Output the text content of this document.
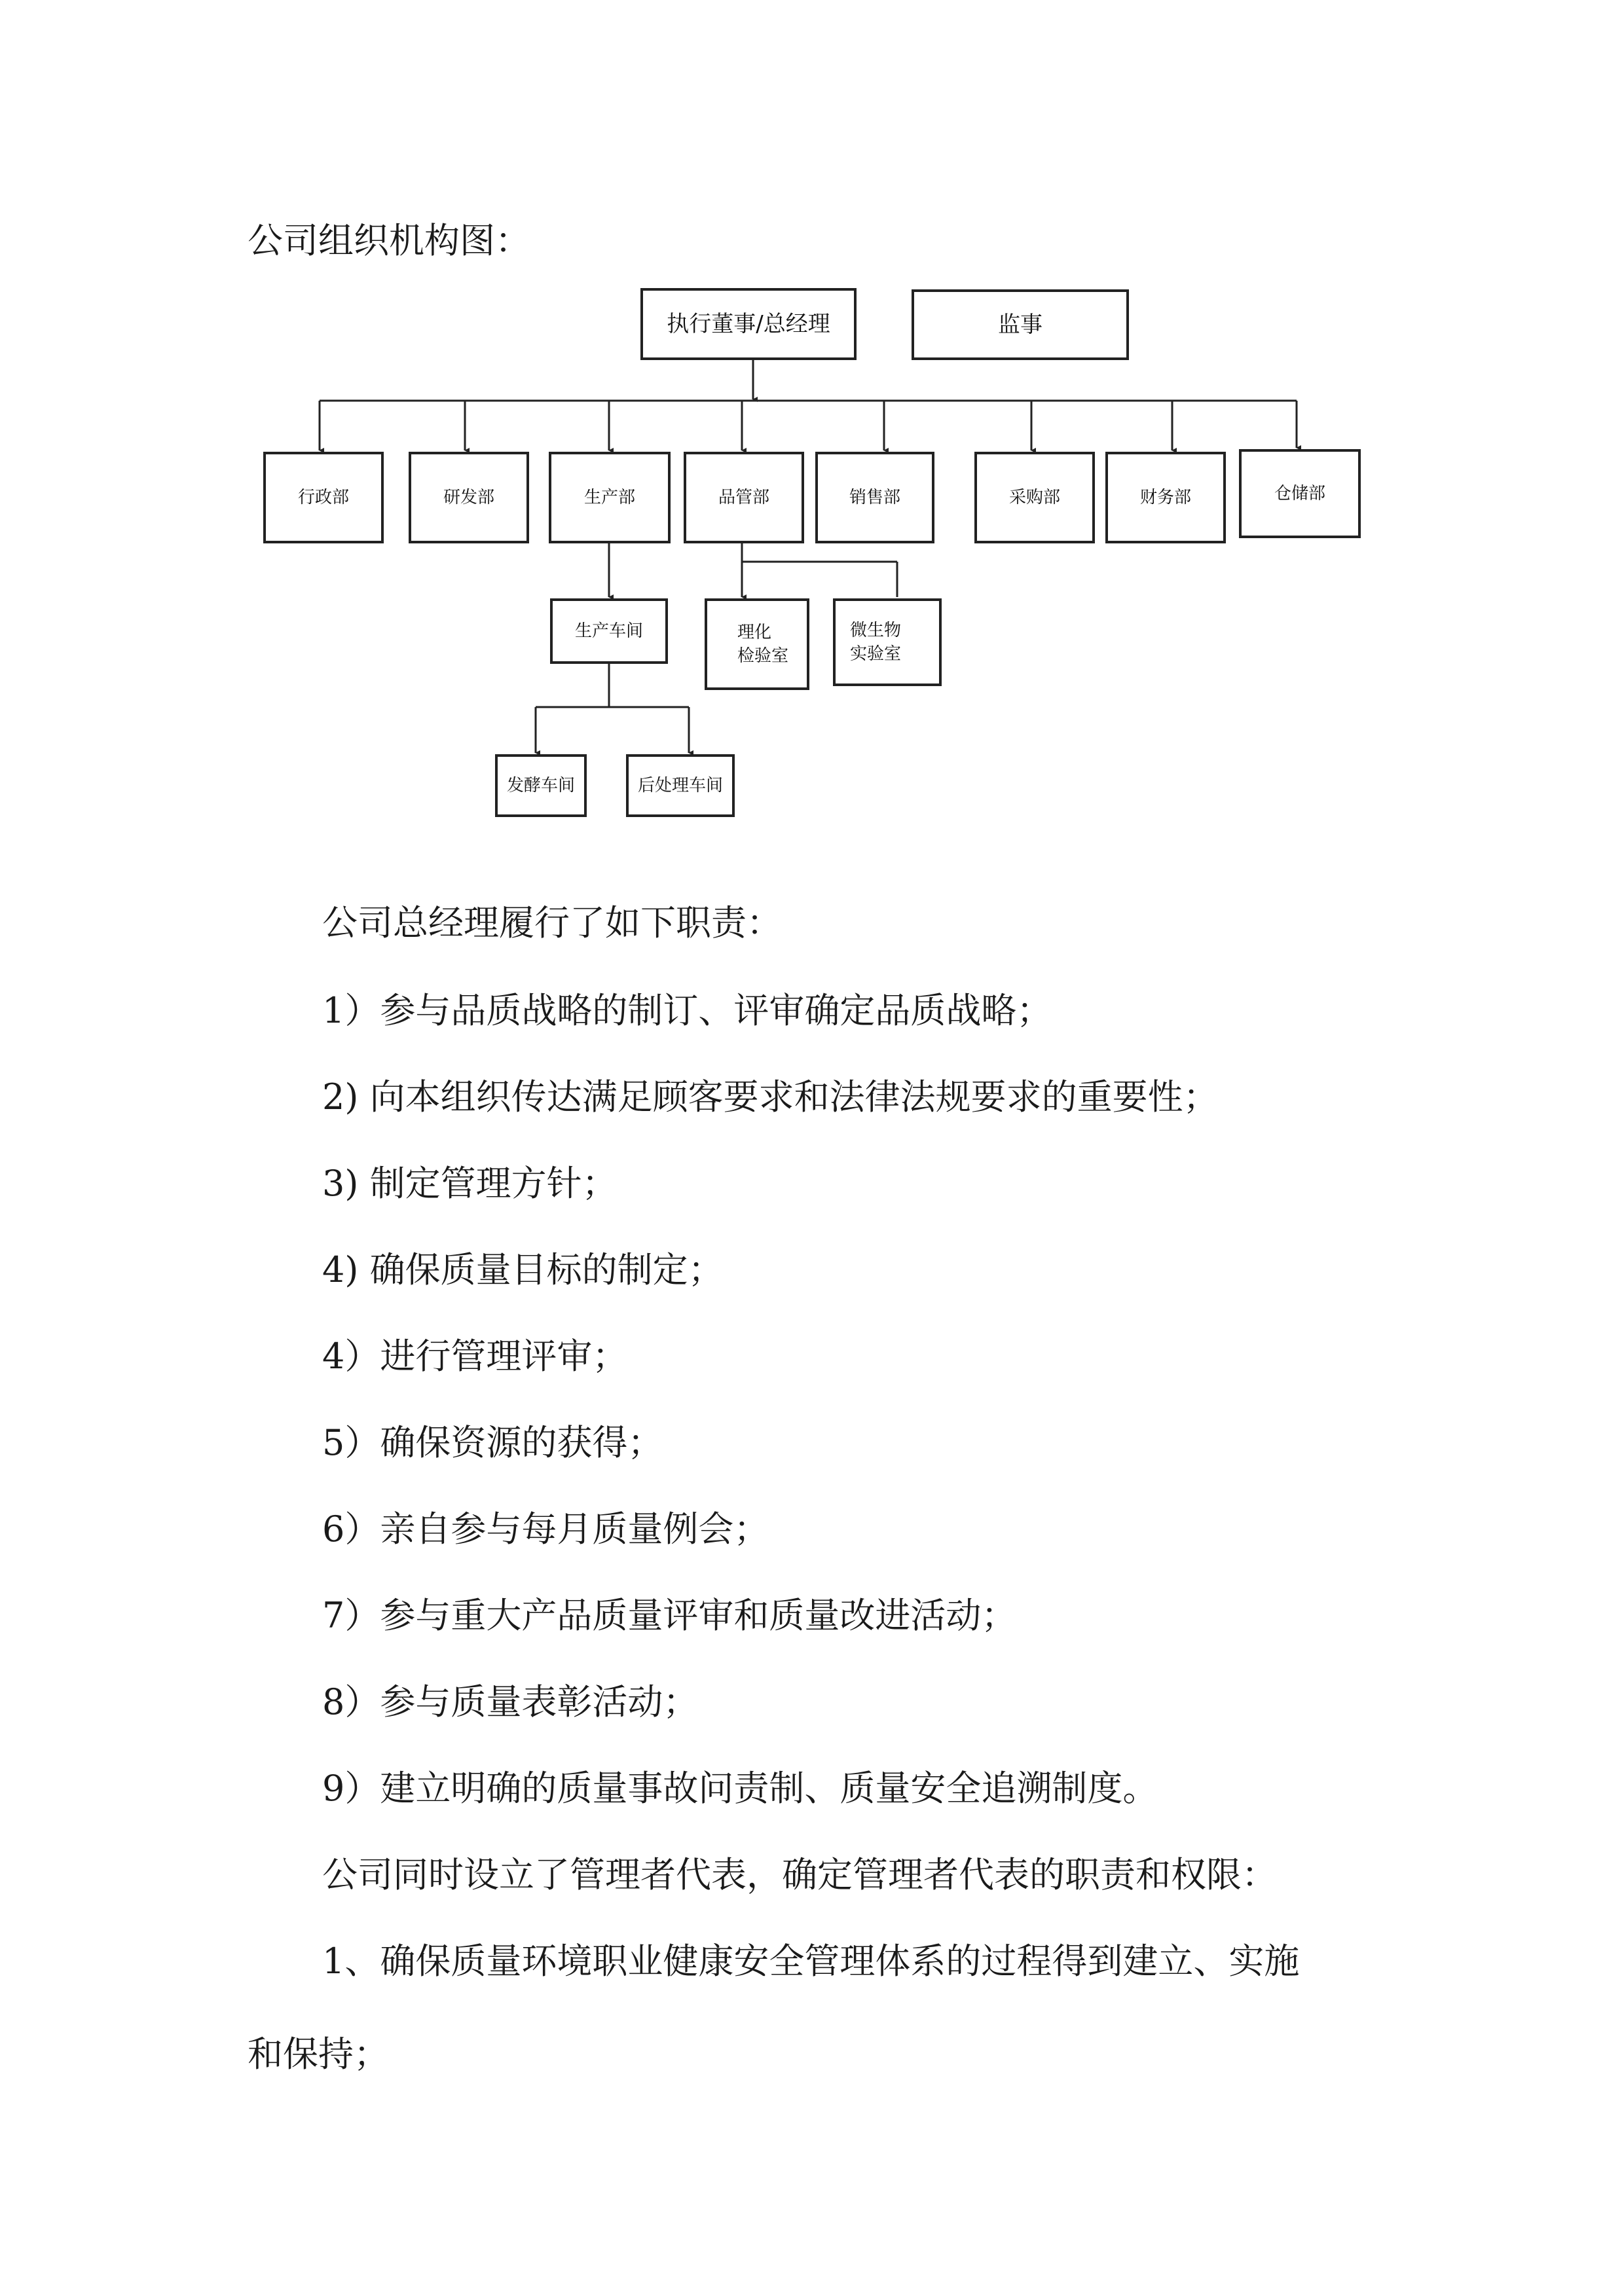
公司组织机构图：
执行董事/总经理	监事
行政部	研发部	生产部	品管部	销售部	采购部	财务部	仓储部
生产车间	理化
检验室
微生物
实验室
发酵车间	后处理车间
公司总经理履行了如下职责：
1）参与品质战略的制订、评审确定品质战略；
2) 向本组织传达满足顾客要求和法律法规要求的重要性；
3) 制定管理方针；
4) 确保质量目标的制定；
4）进行管理评审；
5）确保资源的获得；
6）亲自参与每月质量例会；
7）参与重大产品质量评审和质量改进活动；
8）参与质量表彰活动；
9）建立明确的质量事故问责制、质量安全追溯制度。
公司同时设立了管理者代表，确定管理者代表的职责和权限：
1、确保质量环境职业健康安全管理体系的过程得到建立、实施
和保持；
